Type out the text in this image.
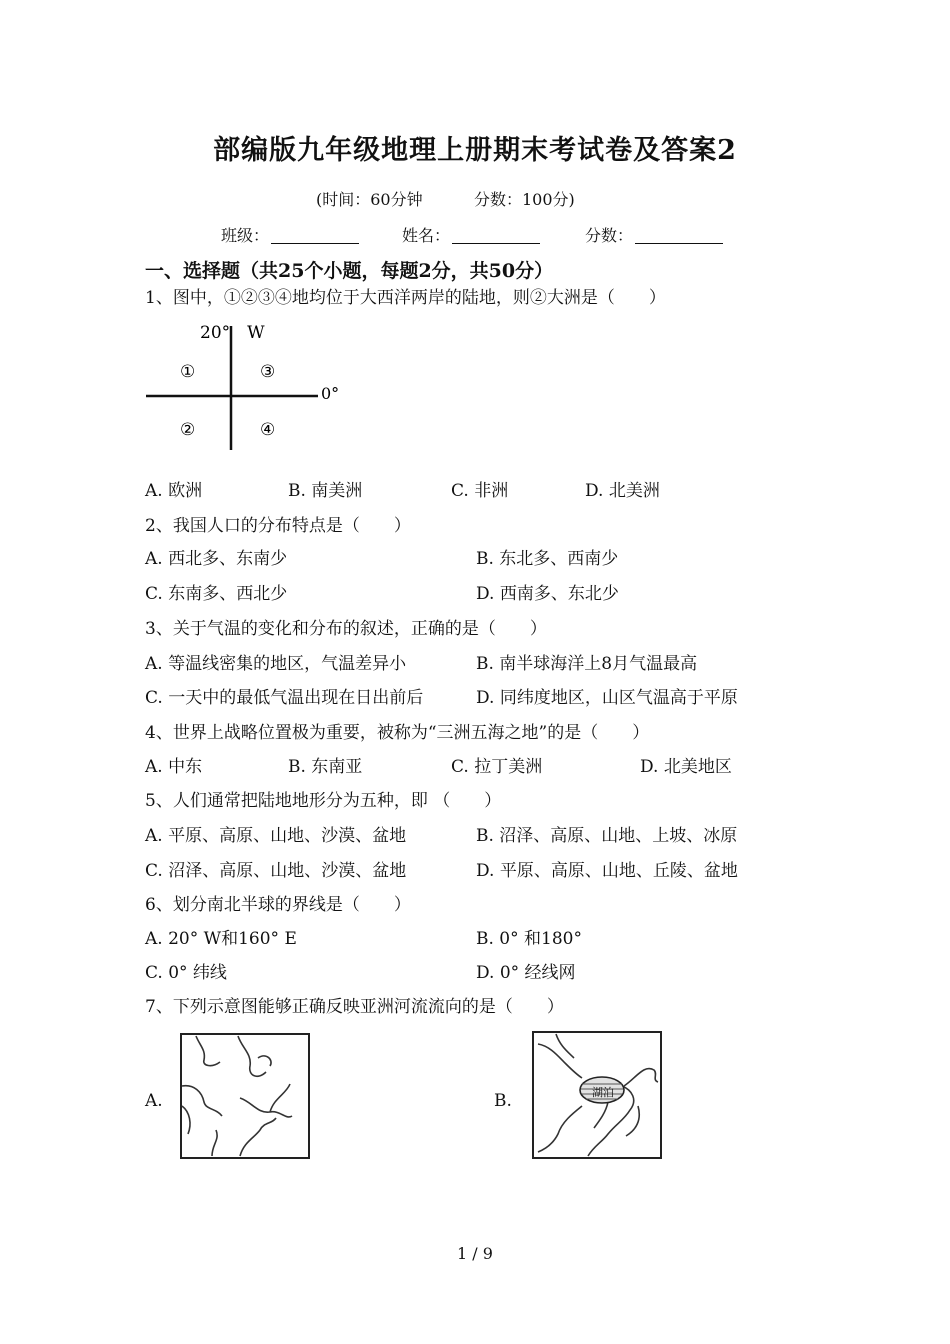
部编版九年级地理上册期末考试卷及答案2
(时间：60分钟	分数：100分)
班级：	姓名：	分数：
一、选择题（共25个小题，每题2分，共50分）
1、图中，①②③④地均位于大西洋两岸的陆地，则②大洲是（　　）
20°　W
0°
①	③
②	④
A. 欧洲	B. 南美洲	C. 非洲	D. 北美洲
2、我国人口的分布特点是（　　）
A. 西北多、东南少	B. 东北多、西南少
C. 东南多、西北少	D. 西南多、东北少
3、关于气温的变化和分布的叙述，正确的是（　　）
A. 等温线密集的地区，气温差异小	B. 南半球海洋上8月气温最高
C. 一天中的最低气温出现在日出前后	D. 同纬度地区，山区气温高于平原
4、世界上战略位置极为重要，被称为“三洲五海之地”的是（　　）
A. 中东	B. 东南亚	C. 拉丁美洲	D. 北美地区
5、人们通常把陆地地形分为五种，即 （　　）
A. 平原、高原、山地、沙漠、盆地	B. 沼泽、高原、山地、上坡、冰原
C. 沼泽、高原、山地、沙漠、盆地	D. 平原、高原、山地、丘陵、盆地
6、划分南北半球的界线是（　　）
A. 20° W和160° E	B. 0° 和180°
C. 0° 纬线	D. 0° 经线网
7、下列示意图能够正确反映亚洲河流流向的是（　　）
A.	B.	湖泊
1 / 9
